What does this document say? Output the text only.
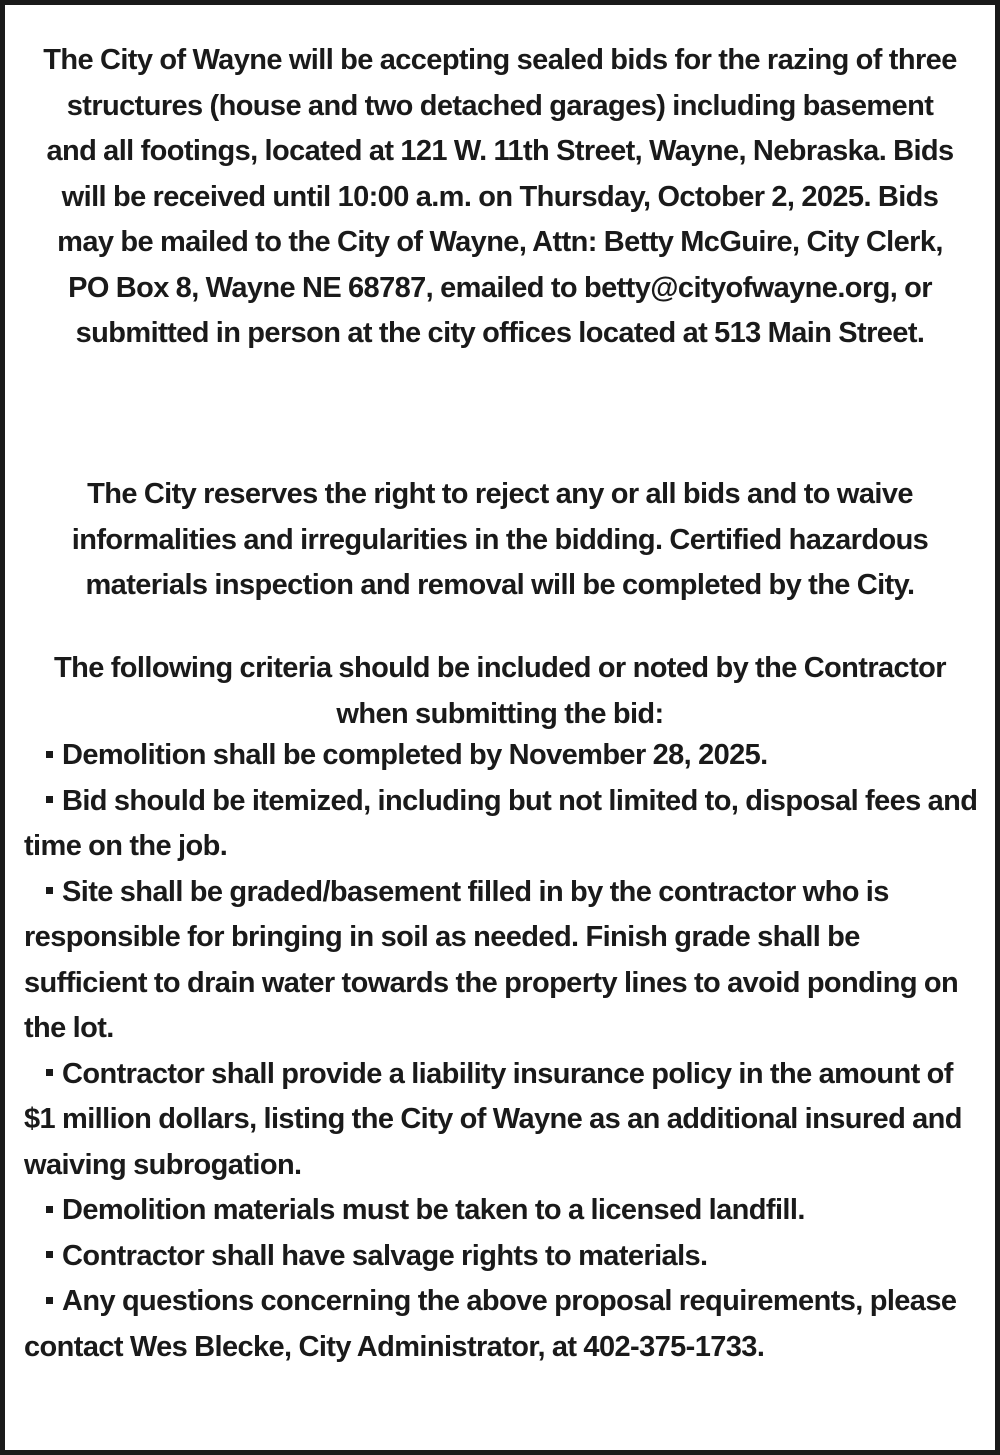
The City of Wayne will be accepting sealed bids for the razing of three structures (house and two detached garages) including basement and all footings, located at 121 W. 11th Street, Wayne, Nebraska. Bids will be received until 10:00 a.m. on Thursday, October 2, 2025. Bids may be mailed to the City of Wayne, Attn: Betty McGuire, City Clerk, PO Box 8, Wayne NE 68787, emailed to betty@cityofwayne.org, or submitted in person at the city offices located at 513 Main Street.
The City reserves the right to reject any or all bids and to waive informalities and irregularities in the bidding. Certified hazardous materials inspection and removal will be completed by the City.
The following criteria should be included or noted by the Contractor when submitting the bid:
Demolition shall be completed by November 28, 2025.
Bid should be itemized, including but not limited to, disposal fees and time on the job.
Site shall be graded/basement filled in by the contractor who is responsible for bringing in soil as needed. Finish grade shall be sufficient to drain water towards the property lines to avoid ponding on the lot.
Contractor shall provide a liability insurance policy in the amount of $1 million dollars, listing the City of Wayne as an additional insured and waiving subrogation.
Demolition materials must be taken to a licensed landfill.
Contractor shall have salvage rights to materials.
Any questions concerning the above proposal requirements, please contact Wes Blecke, City Administrator, at 402-375-1733.
